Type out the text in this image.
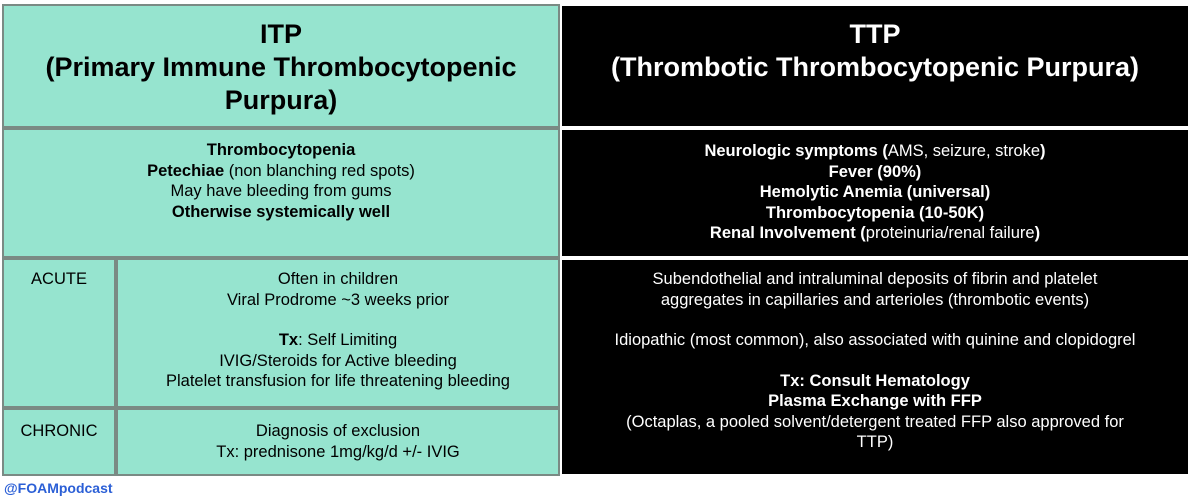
ITP
(Primary Immune Thrombocytopenic
Purpura)
TTP
(Thrombotic Thrombocytopenic Purpura)
Thrombocytopenia
Petechiae (non blanching red spots)
May have bleeding from gums
Otherwise systemically well
Neurologic symptoms (AMS, seizure, stroke)
Fever (90%)
Hemolytic Anemia (universal)
Thrombocytopenia (10-50K)
Renal Involvement (proteinuria/renal failure)
ACUTE	Often in children
Viral Prodrome ~3 weeks prior
Tx: Self Limiting
IVIG/Steroids for Active bleeding
Platelet transfusion for life threatening bleeding
CHRONIC	Diagnosis of exclusion
Tx: prednisone 1mg/kg/d +/- IVIG
Subendothelial and intraluminal deposits of fibrin and platelet
aggregates in capillaries and arterioles (thrombotic events)
Idiopathic (most common), also associated with quinine and clopidogrel
Tx: Consult Hematology
Plasma Exchange with FFP
(Octaplas, a pooled solvent/detergent treated FFP also approved for
TTP)
@FOAMpodcast
